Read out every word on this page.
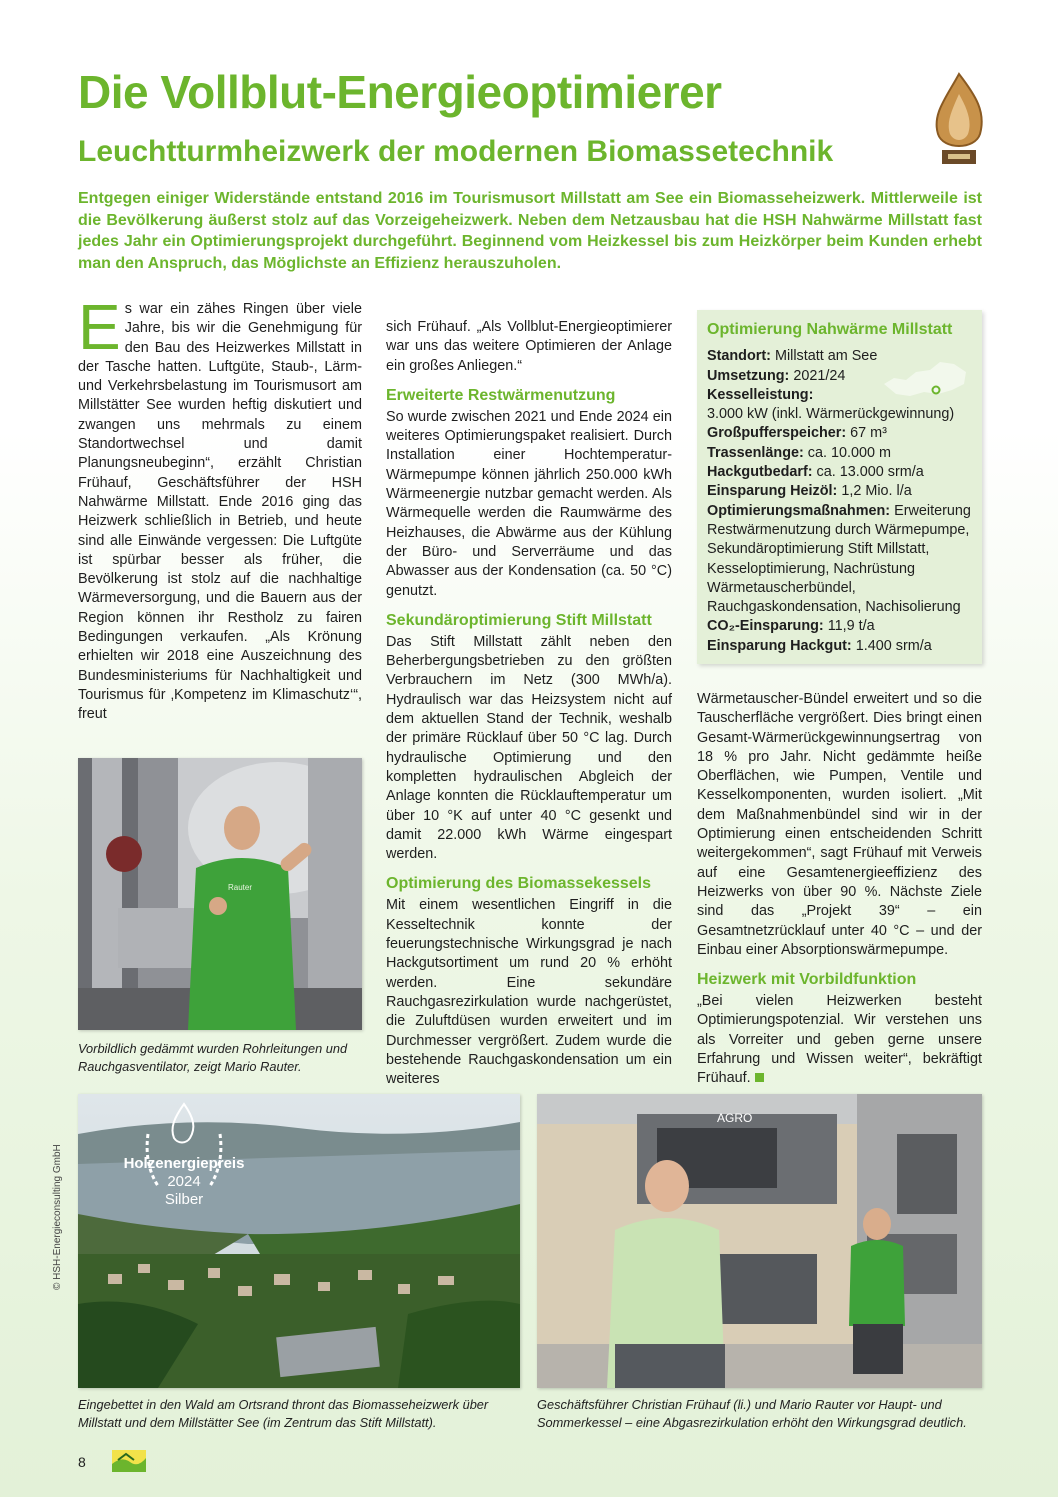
Die Vollblut-Energieoptimierer
Leuchtturmheizwerk der modernen Biomassetechnik

Entgegen einiger Widerstände entstand 2016 im Tourismusort Millstatt am See ein Biomasseheizwerk. Mittlerweile ist die Bevölkerung äußerst stolz auf das Vorzeigeheizwerk. Neben dem Netzausbau hat die HSH Nahwärme Millstatt fast jedes Jahr ein Optimierungsprojekt durchgeführt. Beginnend vom Heizkessel bis zum Heizkörper beim Kunden erhebt man den Anspruch, das Möglichste an Effizienz herauszuholen.

Es war ein zähes Ringen über viele Jahre, bis wir die Genehmigung für den Bau des Heizwerkes Millstatt in der Tasche hatten. Luftgüte, Staub-, Lärm- und Verkehrsbelastung im Tourismusort am Millstätter See wurden heftig diskutiert und zwangen uns mehrmals zu einem Standortwechsel und damit Planungsneubeginn“, erzählt Christian Frühauf, Geschäftsführer der HSH Nahwärme Millstatt. Ende 2016 ging das Heizwerk schließlich in Betrieb, und heute sind alle Einwände vergessen: Die Luftgüte ist spürbar besser als früher, die Bevölkerung ist stolz auf die nachhaltige Wärmeversorgung, und die Bauern aus der Region können ihr Restholz zu fairen Bedingungen verkaufen. „Als Krönung erhielten wir 2018 eine Auszeichnung des Bundesministeriums für Nachhaltigkeit und Tourismus für ‚Kompetenz im Klimaschutz‘“, freut

sich Frühauf. „Als Vollblut-Energieoptimierer war uns das weitere Optimieren der Anlage ein großes Anliegen.“

Erweiterte Restwärmenutzung

So wurde zwischen 2021 und Ende 2024 ein weiteres Optimierungspaket realisiert. Durch Installation einer Hochtemperatur-Wärmepumpe können jährlich 250.000 kWh Wärmeenergie nutzbar gemacht werden. Als Wärmequelle werden die Raumwärme des Heizhauses, die Abwärme aus der Kühlung der Büro- und Serverräume und das Abwasser aus der Kondensation (ca. 50 °C) genutzt.

Sekundäroptimierung Stift Millstatt

Das Stift Millstatt zählt neben den Beherbergungsbetrieben zu den größten Verbrauchern im Netz (300 MWh/a). Hydraulisch war das Heizsystem nicht auf dem aktuellen Stand der Technik, weshalb der primäre Rücklauf über 50 °C lag. Durch hydraulische Optimierung und den kompletten hydraulischen Abgleich der Anlage konnten die Rücklauftemperatur um über 10 °K auf unter 40 °C gesenkt und damit 22.000 kWh Wärme eingespart werden.

Optimierung des Biomassekessels

Mit einem wesentlichen Eingriff in die Kesseltechnik konnte der feuerungstechnische Wirkungsgrad je nach Hackgutsortiment um rund 20 % erhöht werden. Eine sekundäre Rauchgasrezirkulation wurde nachgerüstet, die Zuluftdüsen wurden erweitert und im Durchmesser vergrößert. Zudem wurde die bestehende Rauchgaskondensation um ein weiteres

Optimierung Nahwärme Millstatt

Standort: Millstatt am See

Umsetzung: 2021/24

Kesselleistung:

3.000 kW (inkl. Wärmerückgewinnung)

Großpufferspeicher: 67 m³

Trassenlänge: ca. 10.000 m

Hackgutbedarf: ca. 13.000 srm/a

Einsparung Heizöl: 1,2 Mio. l/a

Optimierungsmaßnahmen: Erweiterung Restwärmenutzung durch Wärmepumpe, Sekundäroptimierung Stift Millstatt, Kesseloptimierung, Nachrüstung Wärmetauscherbündel, Rauchgaskondensation, Nachisolierung

CO₂-Einsparung: 11,9 t/a

Einsparung Hackgut: 1.400 srm/a

Wärmetauscher-Bündel erweitert und so die Tauscherfläche vergrößert. Dies bringt einen Gesamt-Wärmerückgewinnungsertrag von 18 % pro Jahr. Nicht gedämmte heiße Oberflächen, wie Pumpen, Ventile und Kesselkomponenten, wurden isoliert. „Mit dem Maßnahmenbündel sind wir in der Optimierung einen entscheidenden Schritt weitergekommen“, sagt Frühauf mit Verweis auf eine Gesamtenergieeffizienz des Heizwerks von über 90 %. Nächste Ziele sind das „Projekt 39“ – ein Gesamtnetzrücklauf unter 40 °C – und der Einbau einer Absorptionswärmepumpe.

Heizwerk mit Vorbildfunktion

„Bei vielen Heizwerken besteht Optimierungspotenzial. Wir verstehen uns als Vorreiter und geben gerne unsere Erfahrung und Wissen weiter“, bekräftigt Frühauf.

Rauter

Vorbildlich gedämmt wurden Rohrleitungen und Rauchgasventilator, zeigt Mario Rauter.

Holzenergiepreis
2024
Silber

Eingebettet in den Wald am Ortsrand thront das Biomasseheizwerk über Millstatt und dem Millstätter See (im Zentrum das Stift Millstatt).

AGRO

Geschäftsführer Christian Frühauf (li.) und Mario Rauter vor Haupt- und Sommerkessel – eine Abgasrezirkulation erhöht den Wirkungsgrad deutlich.

© HSH-Energieconsulting GmbH
8
